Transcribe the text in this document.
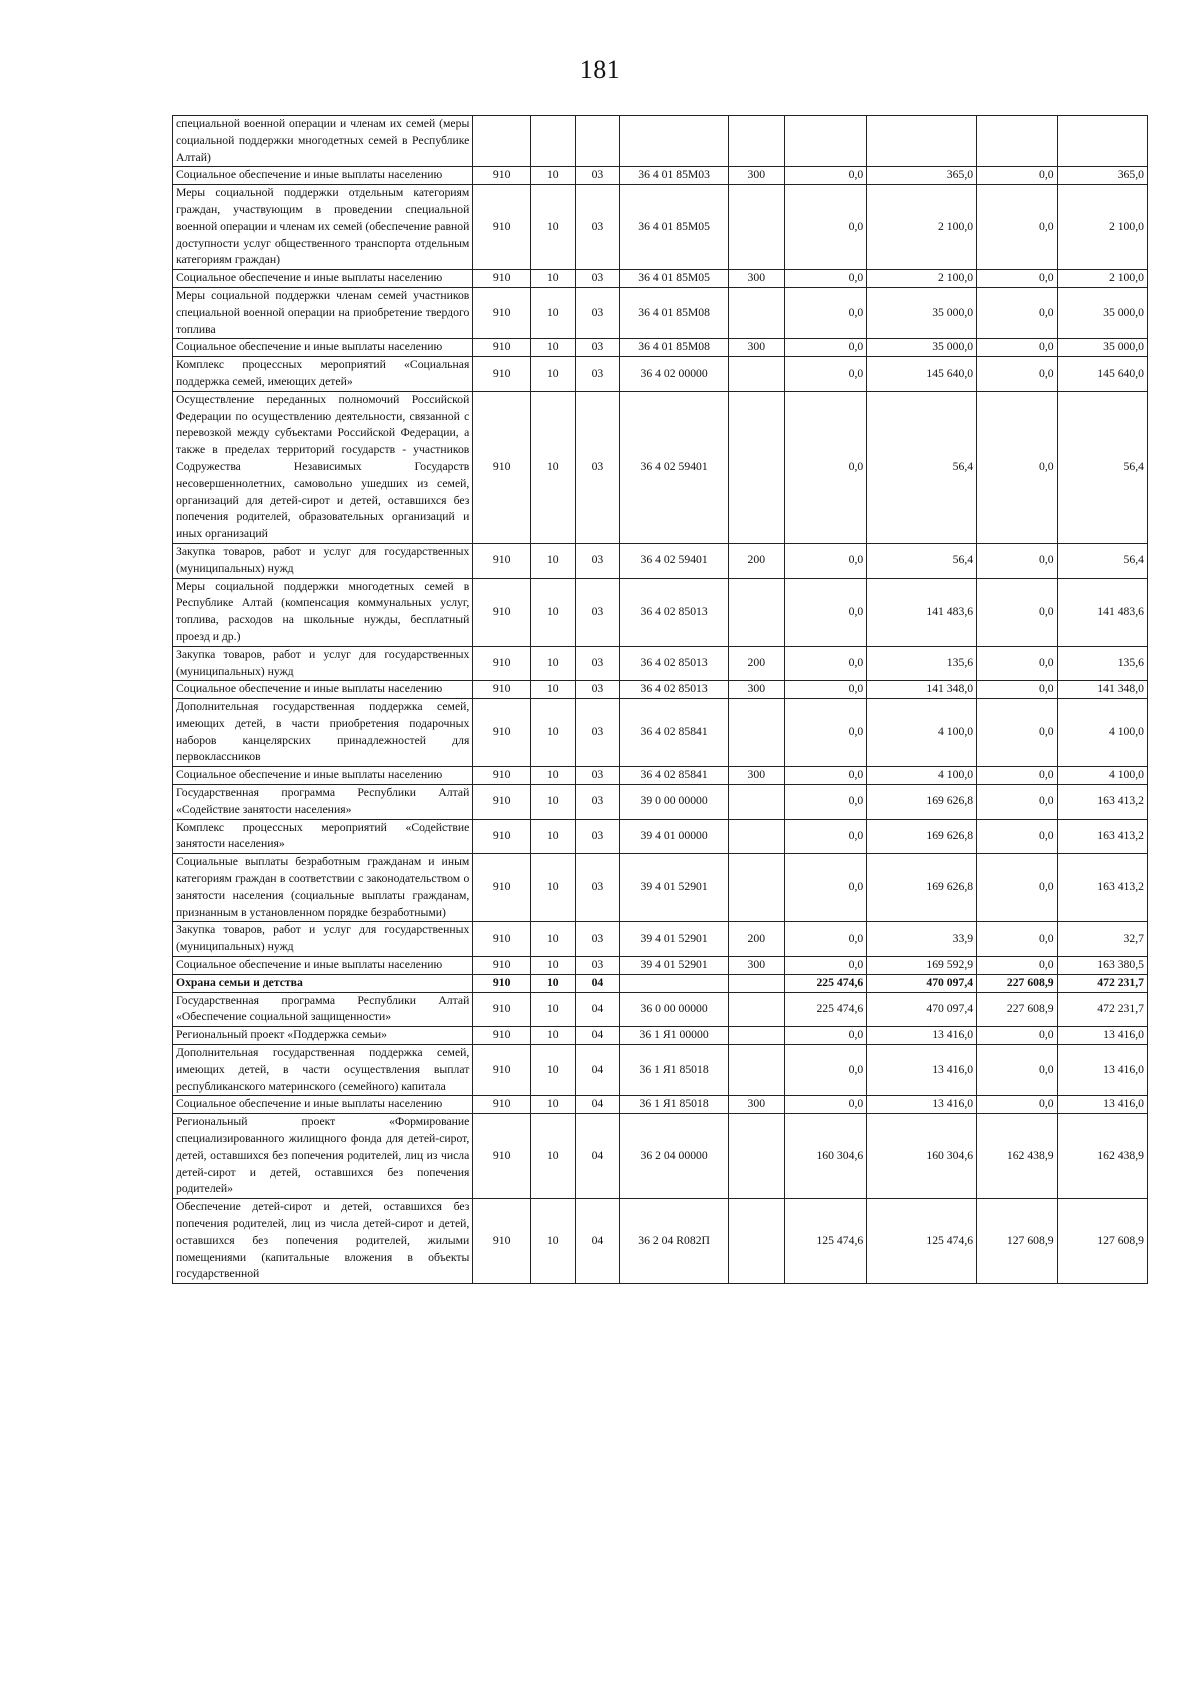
181
специальной военной операции и членам их семей (меры социальной поддержки многодетных семей в Республике Алтай)									
Социальное обеспечение и иные выплаты населению	910	10	03	36 4 01 85М03	300	0,0	365,0	0,0	365,0
Меры социальной поддержки отдельным категориям граждан, участвующим в проведении специальной военной операции и членам их семей (обеспечение равной доступности услуг общественного транспорта отдельным категориям граждан)	910	10	03	36 4 01 85М05		0,0	2 100,0	0,0	2 100,0
Социальное обеспечение и иные выплаты населению	910	10	03	36 4 01 85М05	300	0,0	2 100,0	0,0	2 100,0
Меры социальной поддержки членам семей участников специальной военной операции на приобретение твердого топлива	910	10	03	36 4 01 85М08		0,0	35 000,0	0,0	35 000,0
Социальное обеспечение и иные выплаты населению	910	10	03	36 4 01 85М08	300	0,0	35 000,0	0,0	35 000,0
Комплекс процессных мероприятий «Социальная поддержка семей, имеющих детей»	910	10	03	36 4 02 00000		0,0	145 640,0	0,0	145 640,0
Осуществление переданных полномочий Российской Федерации по осуществлению деятельности, связанной с перевозкой между субъектами Российской Федерации, а также в пределах территорий государств - участников Содружества Независимых Государств несовершеннолетних, самовольно ушедших из семей, организаций для детей-сирот и детей, оставшихся без попечения родителей, образовательных организаций и иных организаций	910	10	03	36 4 02 59401		0,0	56,4	0,0	56,4
Закупка товаров, работ и услуг для государственных (муниципальных) нужд	910	10	03	36 4 02 59401	200	0,0	56,4	0,0	56,4
Меры социальной поддержки многодетных семей в Республике Алтай (компенсация коммунальных услуг, топлива, расходов на школьные нужды, бесплатный проезд и др.)	910	10	03	36 4 02 85013		0,0	141 483,6	0,0	141 483,6
Закупка товаров, работ и услуг для государственных (муниципальных) нужд	910	10	03	36 4 02 85013	200	0,0	135,6	0,0	135,6
Социальное обеспечение и иные выплаты населению	910	10	03	36 4 02 85013	300	0,0	141 348,0	0,0	141 348,0
Дополнительная государственная поддержка семей, имеющих детей, в части приобретения подарочных наборов канцелярских принадлежностей для первоклассников	910	10	03	36 4 02 85841		0,0	4 100,0	0,0	4 100,0
Социальное обеспечение и иные выплаты населению	910	10	03	36 4 02 85841	300	0,0	4 100,0	0,0	4 100,0
Государственная программа Республики Алтай «Содействие занятости населения»	910	10	03	39 0 00 00000		0,0	169 626,8	0,0	163 413,2
Комплекс процессных мероприятий «Содействие занятости населения»	910	10	03	39 4 01 00000		0,0	169 626,8	0,0	163 413,2
Социальные выплаты безработным гражданам и иным категориям граждан в соответствии с законодательством о занятости населения (социальные выплаты гражданам, признанным в установленном порядке безработными)	910	10	03	39 4 01 52901		0,0	169 626,8	0,0	163 413,2
Закупка товаров, работ и услуг для государственных (муниципальных) нужд	910	10	03	39 4 01 52901	200	0,0	33,9	0,0	32,7
Социальное обеспечение и иные выплаты населению	910	10	03	39 4 01 52901	300	0,0	169 592,9	0,0	163 380,5
Охрана семьи и детства	910	10	04			225 474,6	470 097,4	227 608,9	472 231,7
Государственная программа Республики Алтай «Обеспечение социальной защищенности»	910	10	04	36 0 00 00000		225 474,6	470 097,4	227 608,9	472 231,7
Региональный проект «Поддержка семьи»	910	10	04	36 1 Я1 00000		0,0	13 416,0	0,0	13 416,0
Дополнительная государственная поддержка семей, имеющих детей, в части осуществления выплат республиканского материнского (семейного) капитала	910	10	04	36 1 Я1 85018		0,0	13 416,0	0,0	13 416,0
Социальное обеспечение и иные выплаты населению	910	10	04	36 1 Я1 85018	300	0,0	13 416,0	0,0	13 416,0
Региональный проект «Формирование специализированного жилищного фонда для детей-сирот, детей, оставшихся без попечения родителей, лиц из числа детей-сирот и детей, оставшихся без попечения родителей»	910	10	04	36 2 04 00000		160 304,6	160 304,6	162 438,9	162 438,9
Обеспечение детей-сирот и детей, оставшихся без попечения родителей, лиц из числа детей-сирот и детей, оставшихся без попечения родителей, жилыми помещениями (капитальные вложения в объекты государственной	910	10	04	36 2 04 R082П		125 474,6	125 474,6	127 608,9	127 608,9
